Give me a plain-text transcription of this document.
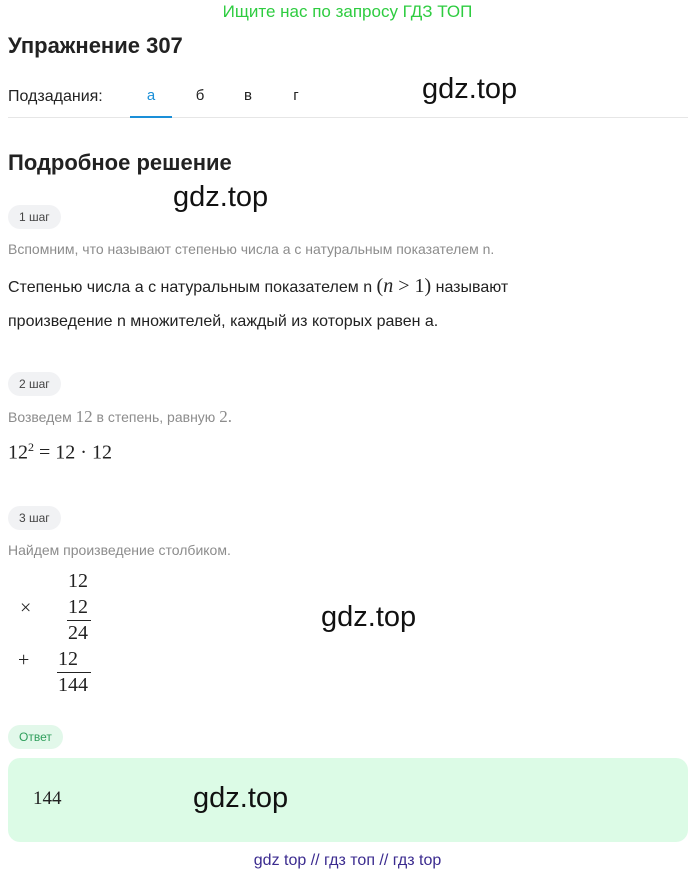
Ищите нас по запросу ГДЗ ТОП
Упражнение 307
Подзадания:	а	б	в	г	gdz.top
Подробное решение
gdz.top
1 шаг
Вспомним, что называют степенью числа a с натуральным показателем n.
Степенью числа a с натуральным показателем n (n > 1) называют
произведение n множителей, каждый из которых равен a.
2 шаг
Возведем 12 в степень, равную 2.
$12^2 = 12 \cdot 12$
3 шаг
Найдем произведение столбиком.
12
× 12
24
+ 12
144
gdz.top
Ответ
144	gdz.top
gdz top // гдз топ // гдз top
